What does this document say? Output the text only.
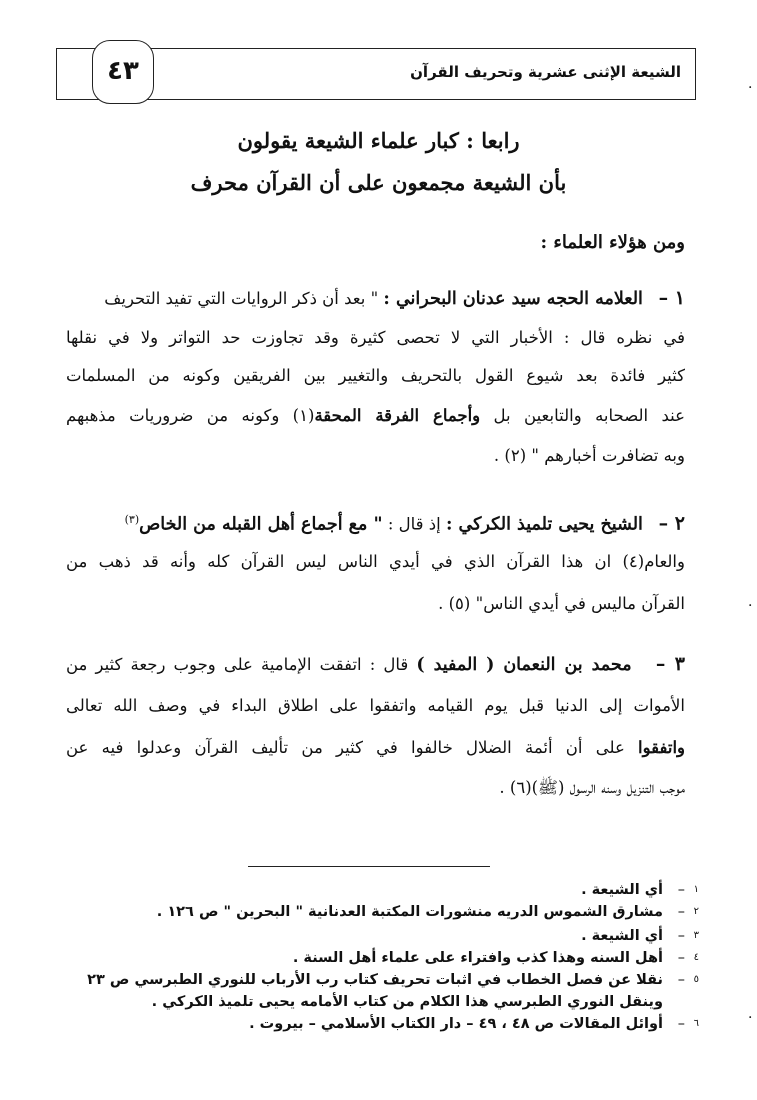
الشيعة الإثنى عشرية وتحريف القرآن
٤٣
رابعا : كبار علماء الشيعة يقولون
بأن الشيعة مجمعون على أن القرآن محرف
ومن هؤلاء العلماء :
١ –   العلامه الحجه سيد عدنان البحراني : " بعد أن ذكر الروايات التي تفيد التحريف
في نظره قال : الأخبار التي لا تحصى كثيرة وقد تجاوزت حد التواتر ولا في نقلها
كثير فائدة بعد شيوع القول بالتحريف والتغيير بين الفريقين وكونه من المسلمات
عند الصحابه والتابعين بل وأجماع الفرقة المحقة(١) وكونه من ضروريات مذهبهم
وبه تضافرت أخبارهم " (٢) .
٢ –   الشيخ يحيى تلميذ الكركي : إذ قال : " مع أجماع أهل القبله من الخاص$^{(٣)}$
والعام(٤) ان هذا القرآن الذي في أيدي الناس ليس القرآن كله وأنه قد ذهب من
القرآن ماليس في أيدي الناس" (٥) .
٣ –   محمد بن النعمان ( المفيد ) قال : اتفقت الإمامية على وجوب رجعة كثير من
الأموات إلى الدنيا قبل يوم القيامه واتفقوا على اطلاق البداء في وصف الله تعالى
واتفقوا على أن أئمة الضلال خالفوا في كثير من تأليف القرآن وعدلوا فيه عن
موجب التنزيل وسنه الرسول (ﷺ)(٦) .
١–أي الشيعة .
٢–مشارق الشموس الدريه منشورات المكتبة العدنانية " البحرين " ص ١٢٦ .
٣–أي الشيعة .
٤–أهل السنه وهذا كذب وافتراء على علماء أهل السنة .
٥–نقلا عن فصل الخطاب في اثبات تحريف كتاب رب الأرباب للنوري الطبرسي ص ٢٣
وينقل النوري الطبرسي هذا الكلام من كتاب الأمامه يحيى تلميذ الكركي .
٦–أوائل المقالات ص ٤٨ ، ٤٩ – دار الكتاب الأسلامي – بيروت .
·
·
·
